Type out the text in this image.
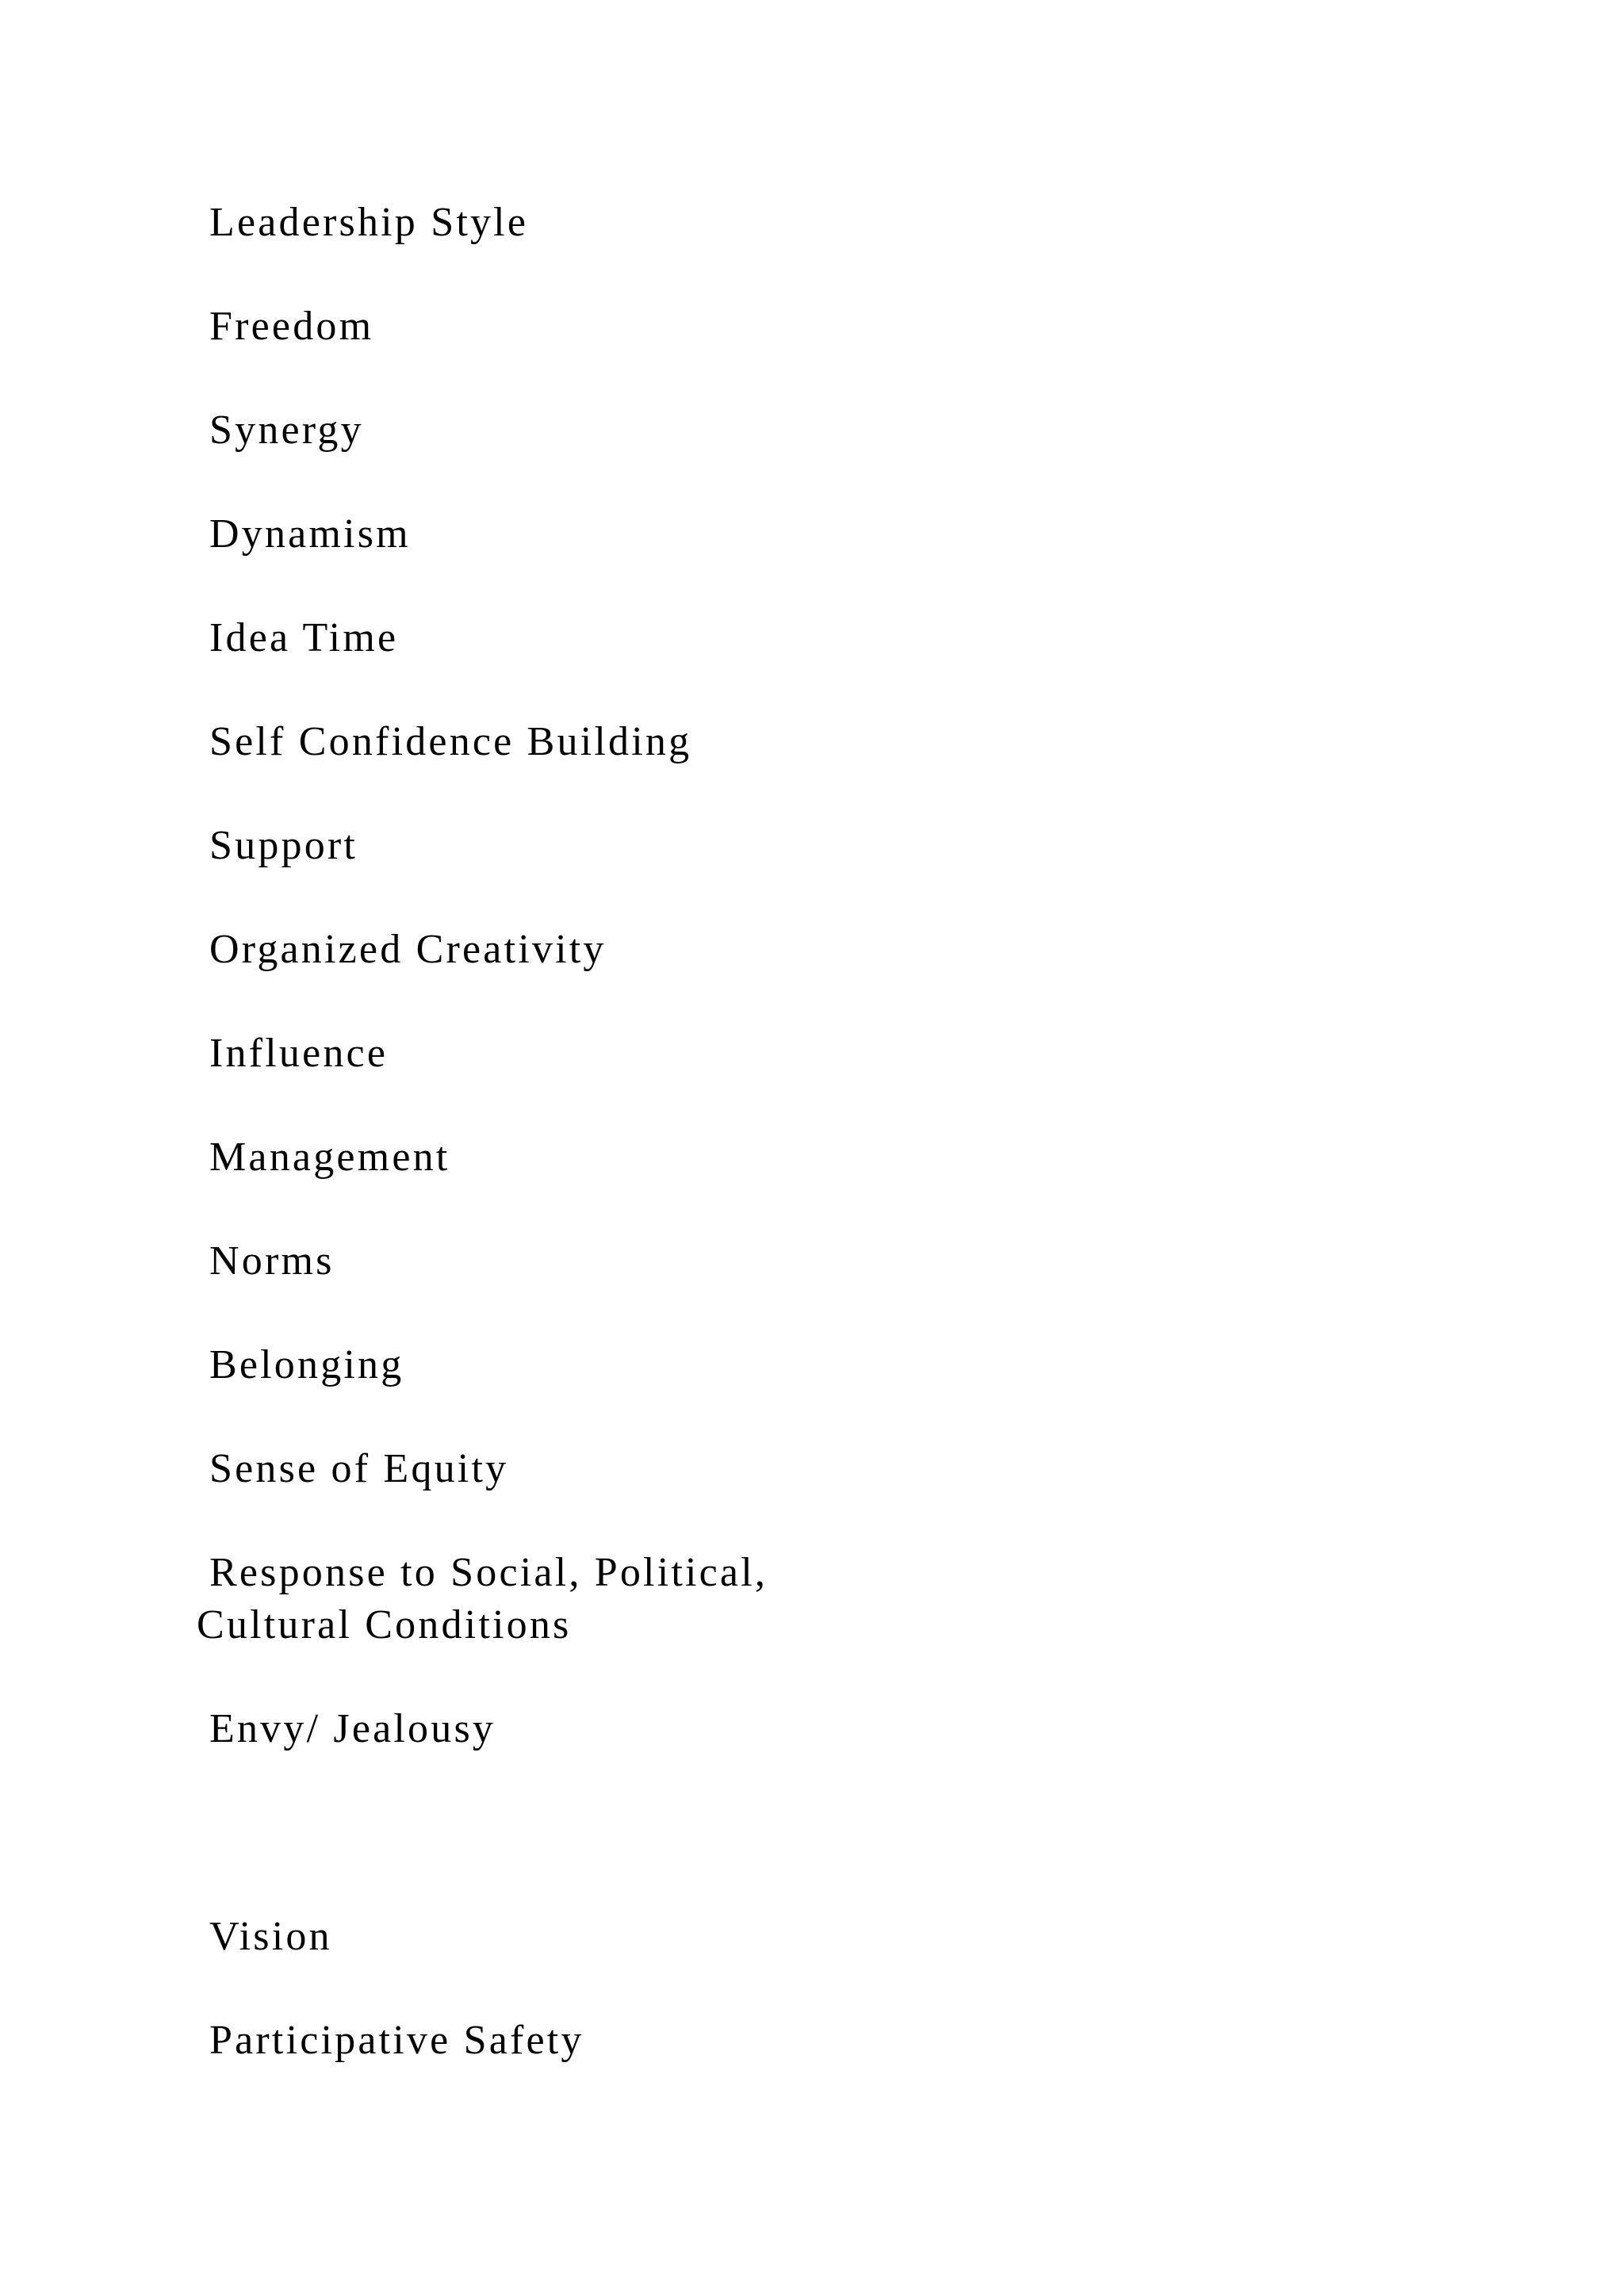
Leadership Style

Freedom

Synergy

Dynamism

Idea Time

Self Confidence Building

Support

Organized Creativity

Influence

Management

Norms

Belonging

Sense of Equity

Response to Social, Political,
Cultural Conditions

Envy/ Jealousy

Vision

Participative Safety
